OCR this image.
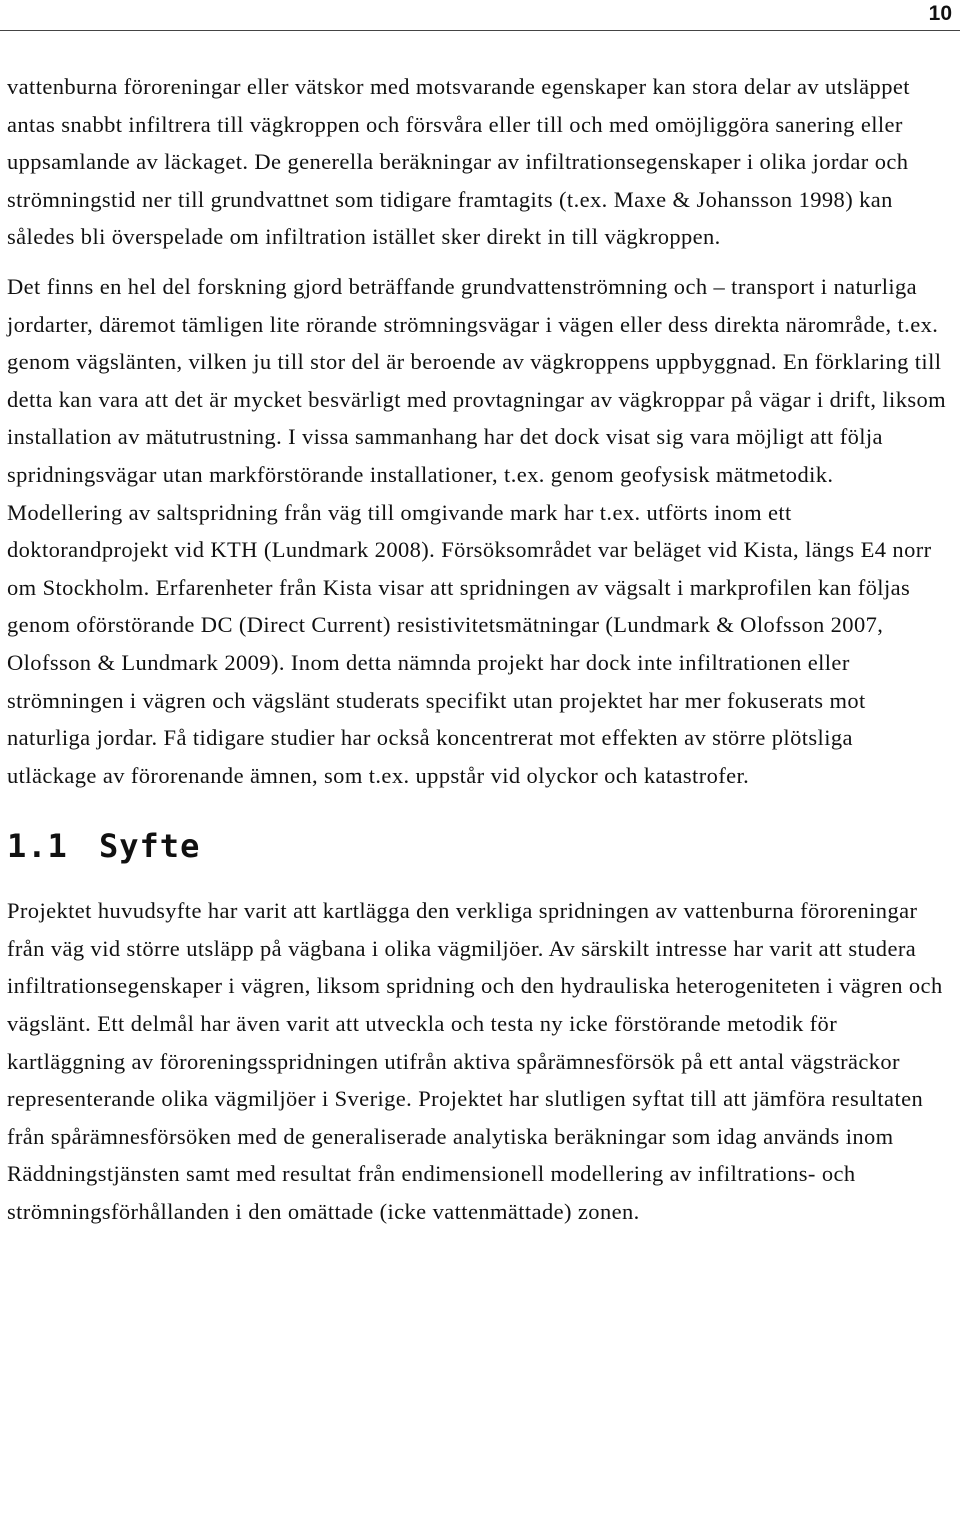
10

vattenburna föroreningar eller vätskor med motsvarande egenskaper kan stora delar av utsläppet antas snabbt infiltrera till vägkroppen och försvåra eller till och med omöjliggöra sanering eller uppsamlande av läckaget. De generella beräkningar av infiltrationsegenskaper i olika jordar och strömningstid ner till grundvattnet som tidigare framtagits (t.ex. Maxe & Johansson 1998) kan således bli överspelade om infiltration istället sker direkt in till vägkroppen.

Det finns en hel del forskning gjord beträffande grundvattenströmning och – transport i naturliga jordarter, däremot tämligen lite rörande strömningsvägar i vägen eller dess direkta närområde, t.ex. genom vägslänten, vilken ju till stor del är beroende av vägkroppens uppbyggnad. En förklaring till detta kan vara att det är mycket besvärligt med provtagningar av vägkroppar på vägar i drift, liksom installation av mätutrustning. I vissa sammanhang har det dock visat sig vara möjligt att följa spridningsvägar utan markförstörande installationer, t.ex. genom geofysisk mätmetodik. Modellering av saltspridning från väg till omgivande mark har t.ex. utförts inom ett doktorandprojekt vid KTH (Lundmark 2008). Försöksområdet var beläget vid Kista, längs E4 norr om Stockholm. Erfarenheter från Kista visar att spridningen av vägsalt i markprofilen kan följas genom oförstörande DC (Direct Current) resistivitetsmätningar (Lundmark & Olofsson 2007, Olofsson & Lundmark 2009). Inom detta nämnda projekt har dock inte infiltrationen eller strömningen i vägren och vägslänt studerats specifikt utan projektet har mer fokuserats mot naturliga jordar. Få tidigare studier har också koncentrerat mot effekten av större plötsliga utläckage av förorenande ämnen, som t.ex. uppstår vid olyckor och katastrofer.

1.1 Syfte

Projektet huvudsyfte har varit att kartlägga den verkliga spridningen av vattenburna föroreningar från väg vid större utsläpp på vägbana i olika vägmiljöer. Av särskilt intresse har varit att studera infiltrationsegenskaper i vägren, liksom spridning och den hydrauliska heterogeniteten i vägren och vägslänt. Ett delmål har även varit att utveckla och testa ny icke förstörande metodik för kartläggning av föroreningsspridningen utifrån aktiva spårämnesförsök på ett antal vägsträckor representerande olika vägmiljöer i Sverige. Projektet har slutligen syftat till att jämföra resultaten från spårämnesförsöken med de generaliserade analytiska beräkningar som idag används inom Räddningstjänsten samt med resultat från endimensionell modellering av infiltrations- och strömningsförhållanden i den omättade (icke vattenmättade) zonen.
